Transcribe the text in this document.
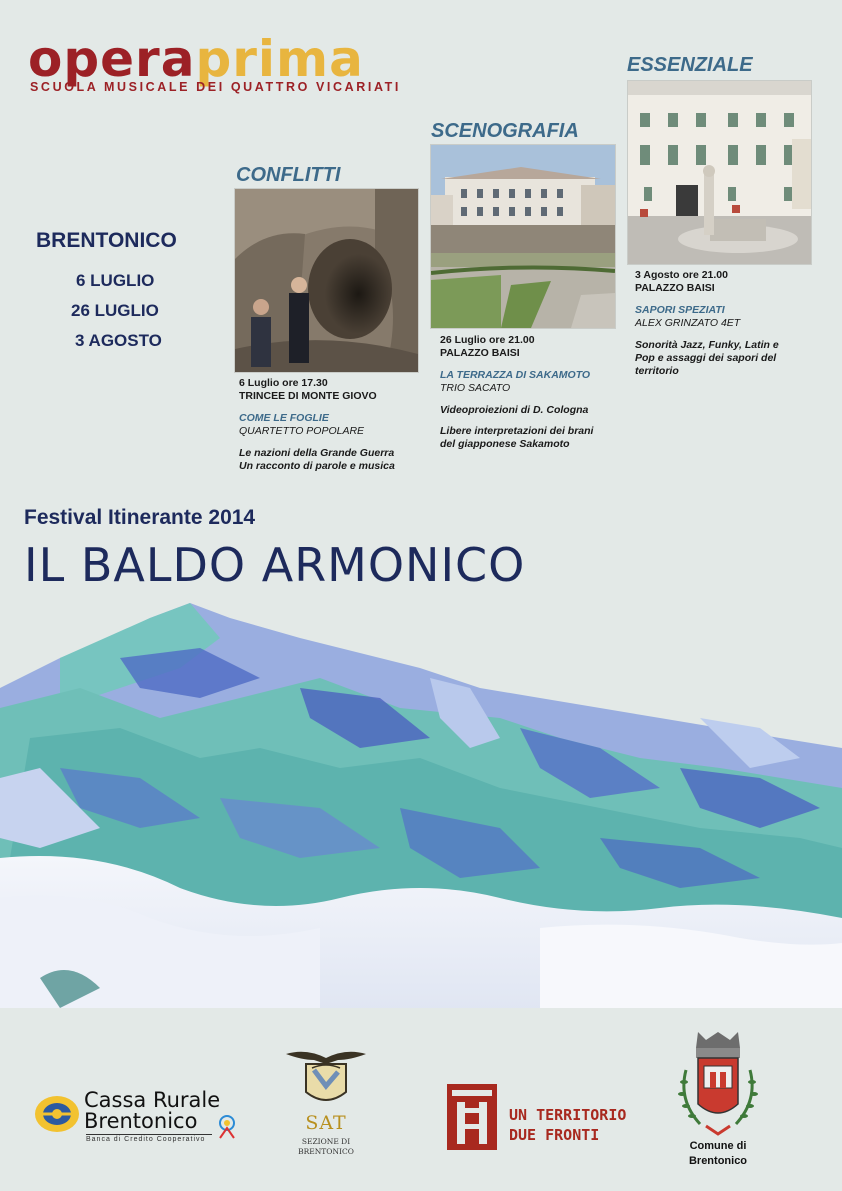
operaprima
SCUOLA MUSICALE DEI QUATTRO VICARIATI
BRENTONICO
6 LUGLIO
26 LUGLIO
3 AGOSTO
CONFLITTI
6 Luglio ore 17.30
TRINCEE DI MONTE GIOVO
COME LE FOGLIE
QUARTETTO POPOLARE
Le nazioni della Grande Guerra
Un racconto di parole e musica
SCENOGRAFIA
26 Luglio ore 21.00
PALAZZO BAISI
LA TERRAZZA DI SAKAMOTO
TRIO SACATO
Videoproiezioni di D. Cologna
Libere interpretazioni dei brani
del giapponese Sakamoto
ESSENZIALE
3 Agosto ore 21.00
PALAZZO BAISI
SAPORI SPEZIATI
ALEX GRINZATO 4ET
Sonorità Jazz, Funky, Latin e
Pop e assaggi dei sapori del
territorio
Festival Itinerante 2014
IL BALDO ARMONICO
Cassa Rurale
Brentonico
Banca di Credito Cooperativo
SAT
SEZIONE DI
BRENTONICO
UN TERRITORIO
DUE FRONTI
Comune di
Brentonico
